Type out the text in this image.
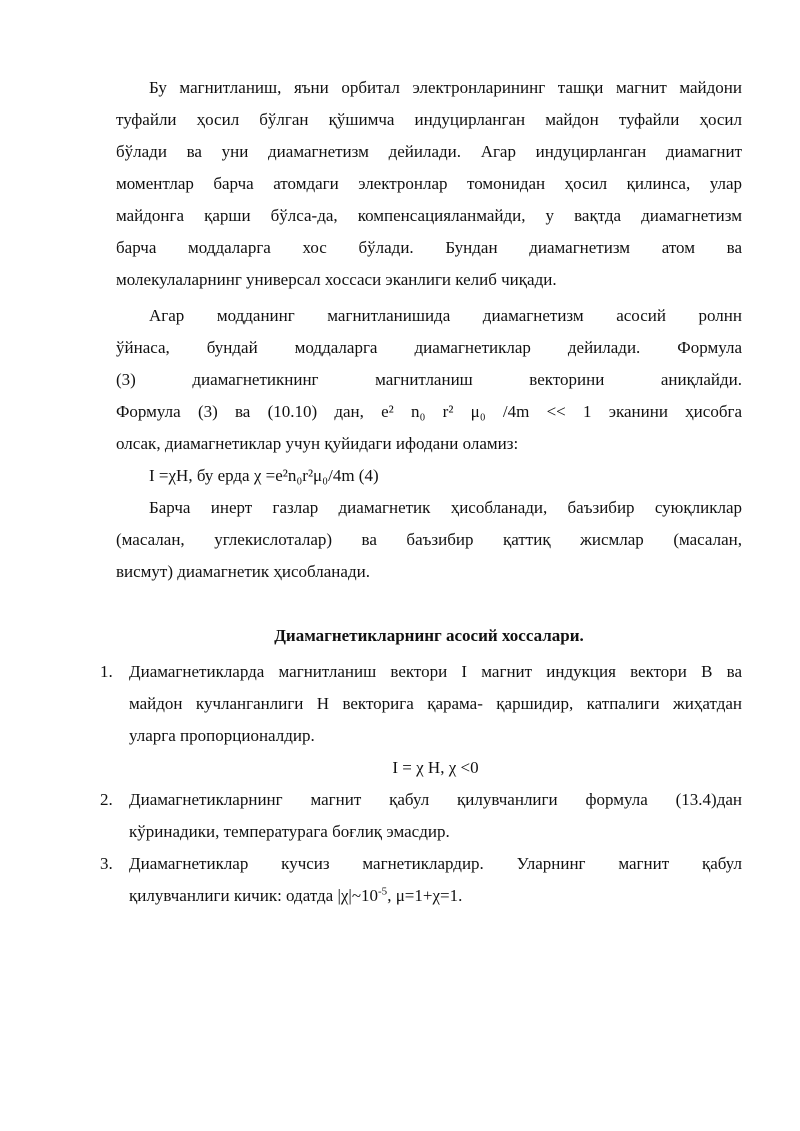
Бу магнитланиш, яъни орбитал электронларининг ташқи магнит майдони
туфайли ҳосил бўлган қўшимча индуцирланган майдон туфайли ҳосил
бўлади ва уни диамагнетизм дейилади. Агар индуцирланган диамагнит
моментлар барча атомдаги электронлар томонидан ҳосил қилинса, улар
майдонга қарши бўлса-да, компенсацияланмайди, у вақтда диамагнетизм
барча моддаларга хос бўлади. Бундан диамагнетизм атом ва
молекулаларнинг универсал хоссаси эканлиги келиб чиқади.
Агар модданинг магнитланишида диамагнетизм асосий ролнн
ўйнаса, бундай моддаларга диамагнетиклар дейилади. Формула
(3) диамагнетикнинг магнитланиш векторини аниқлайди.
Формула (3) ва (10.10) дан, e² n₀ r² μ₀ /4m << 1 эканини ҳисобга
олсак, диамагнетиклар учун қуйидаги ифодани оламиз:
I =χH, бу ерда χ =e²n₀r²μ₀/4m (4)
Барча инерт газлар диамагнетик ҳисобланади, баъзибир суюқликлар
(масалан, углекислоталар) ва баъзибир қаттиқ жисмлар (масалан,
висмут) диамагнетик ҳисобланади.
Диамагнетикларнинг асосий хоссалари.
1. Диамагнетикларда магнитланиш вектори I магнит индукция вектори B ва
майдон кучланганлиги H векторига қарама- қаршидир, катпалиги жиҳатдан
уларга пропорционалдир.
I = χ H, χ <0
2. Диамагнетикларнинг магнит қабул қилувчанлиги формула (13.4)дан
кўринадики, температурага боғлиқ эмасдир.
3. Диамагнетиклар кучсиз магнетиклардир. Уларнинг магнит қабул
қилувчанлиги кичик: одатда $|\chi|\sim 10^{-5}$, μ=1+χ=1.
